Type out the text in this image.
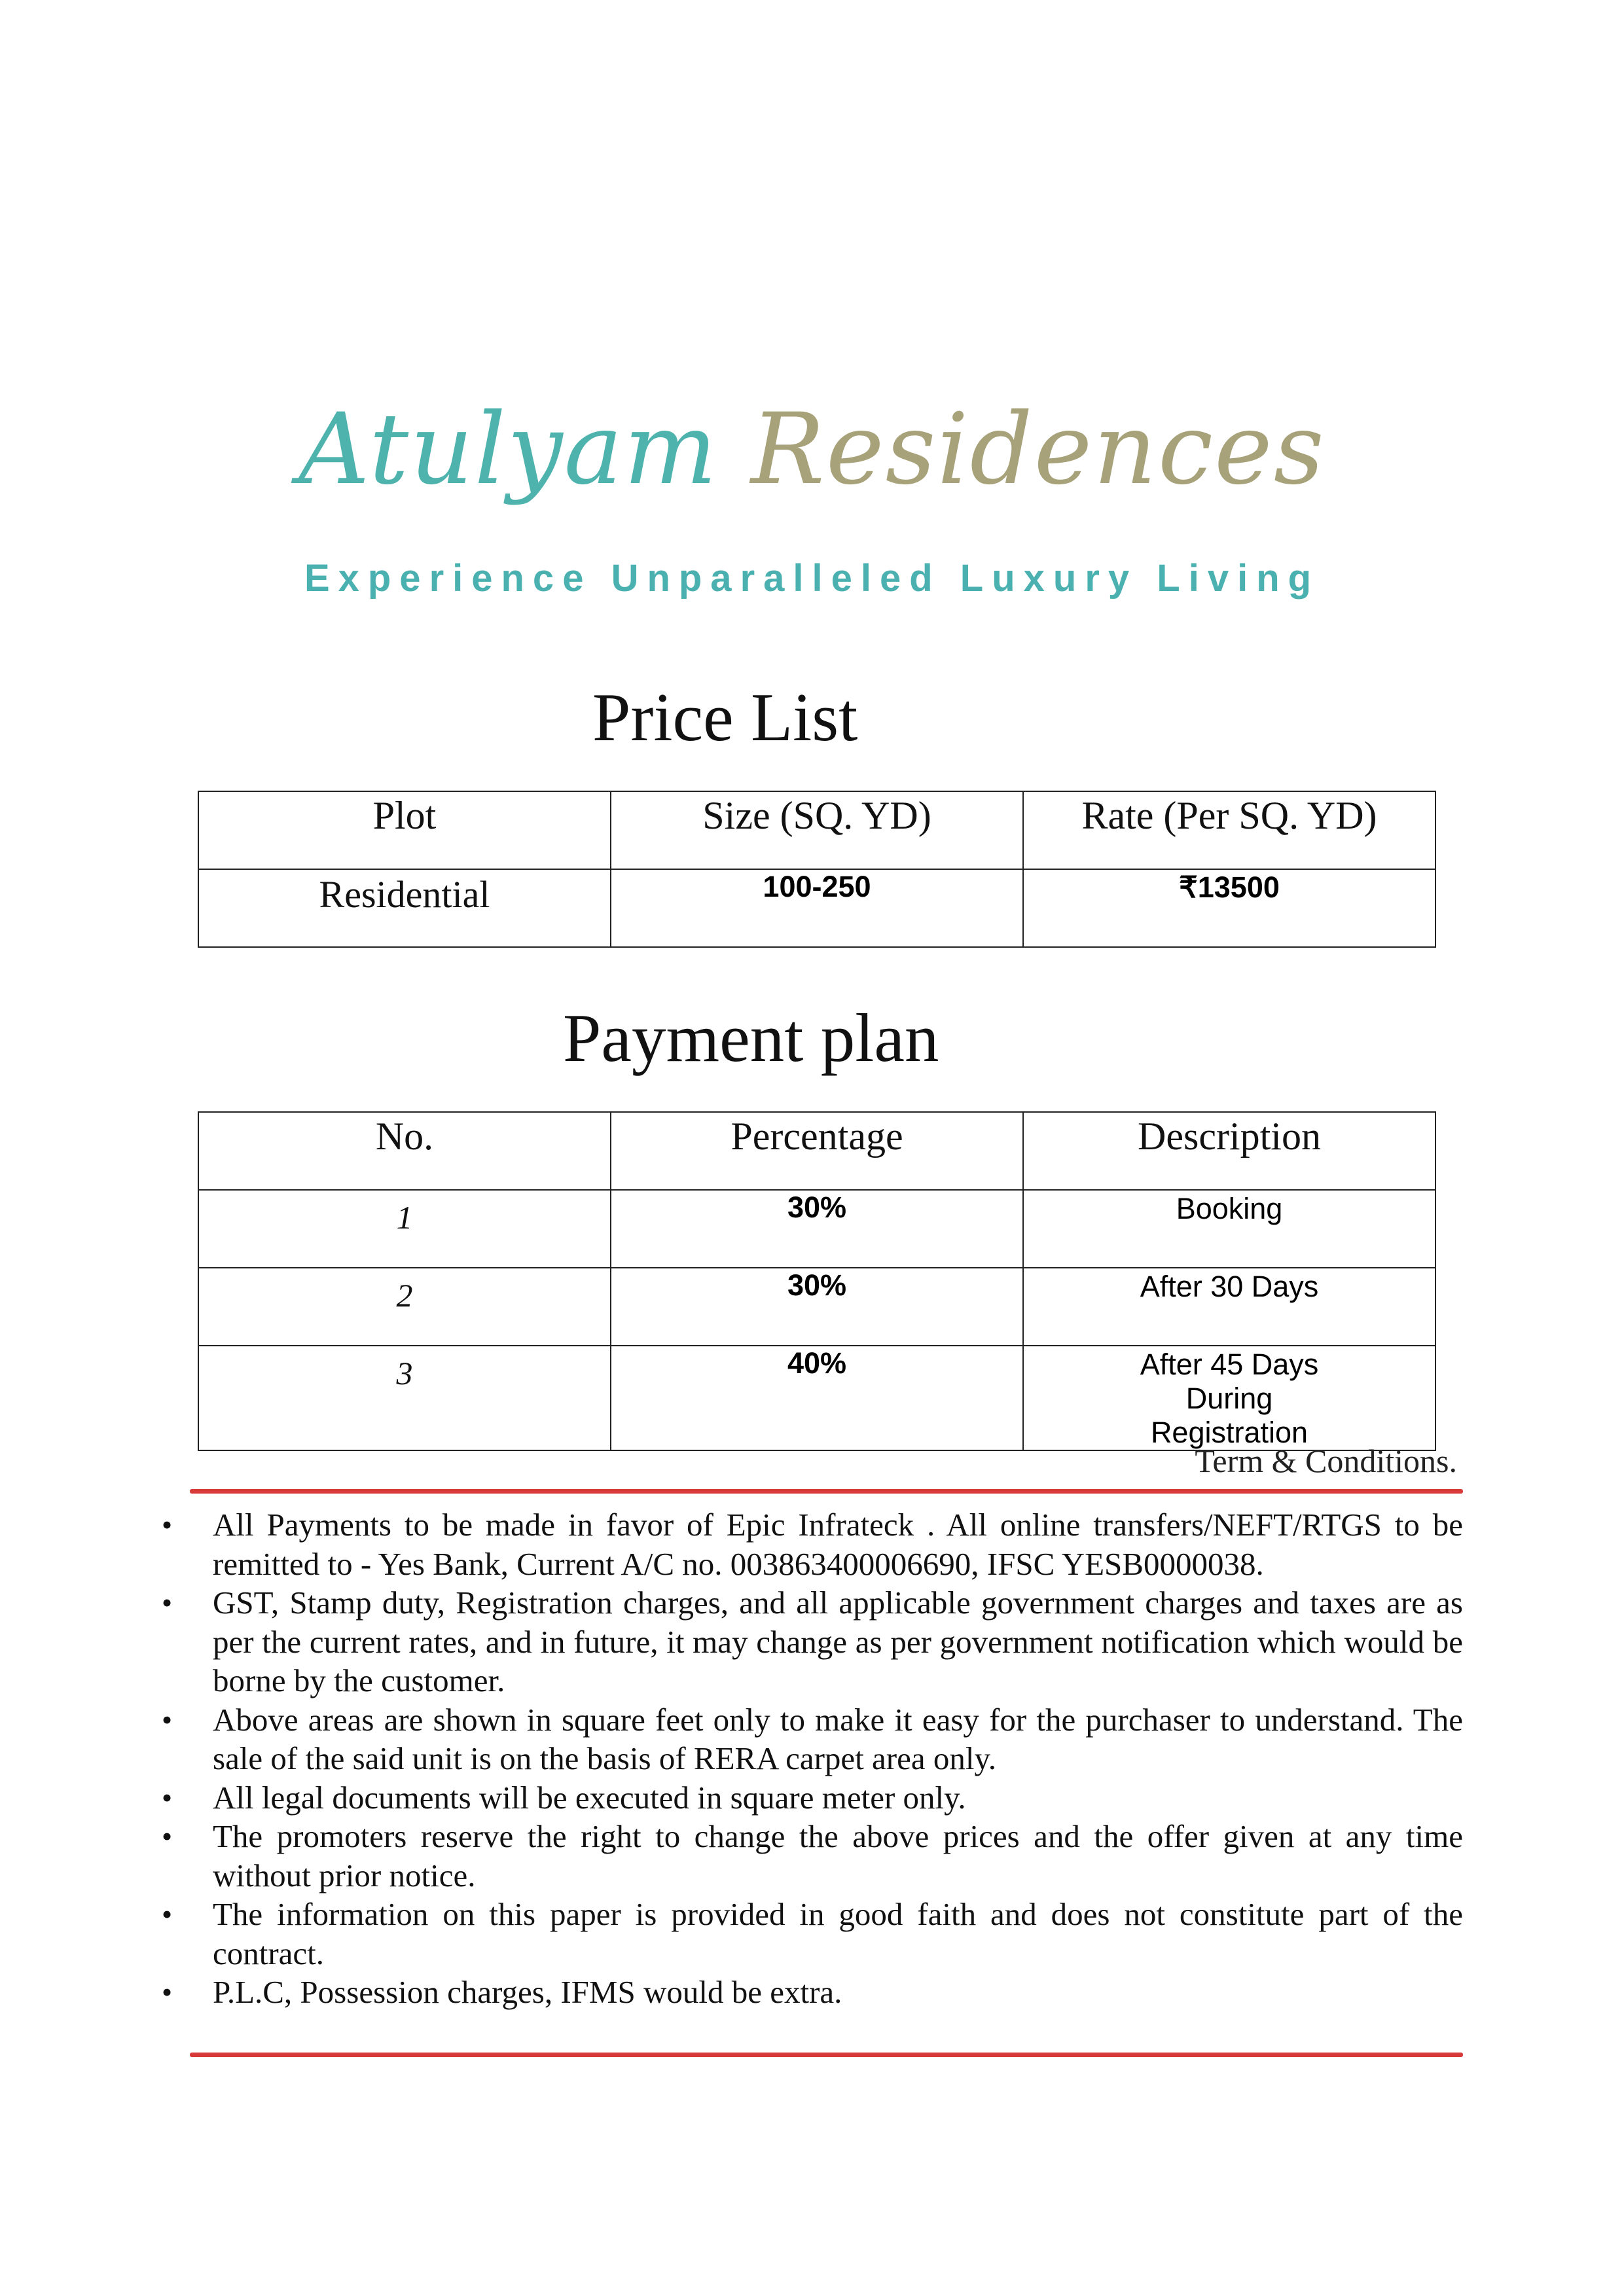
Atulyam Residences
Experience Unparalleled Luxury Living
Price List
Plot	Size (SQ. YD)	Rate (Per SQ. YD)

Residential	100-250	₹13500
Payment plan
No.	Percentage	Description

1	30%	Booking

2	30%	After 30 Days

3	40%	After 45 Days During Registration
Term & Conditions.
• All Payments to be made in favor of Epic Infrateck . All online transfers/NEFT/RTGS to be remitted to - Yes Bank, Current A/C no. 003863400006690, IFSC YESB0000038.
• GST, Stamp duty, Registration charges, and all applicable government charges and taxes are as per the current rates, and in future, it may change as per government notification which would be borne by the customer.
• Above areas are shown in square feet only to make it easy for the purchaser to understand. The sale of the said unit is on the basis of RERA carpet area only.
• All legal documents will be executed in square meter only.
• The promoters reserve the right to change the above prices and the offer given at any time without prior notice.
• The information on this paper is provided in good faith and does not constitute part of the contract.
• P.L.C, Possession charges, IFMS would be extra.
